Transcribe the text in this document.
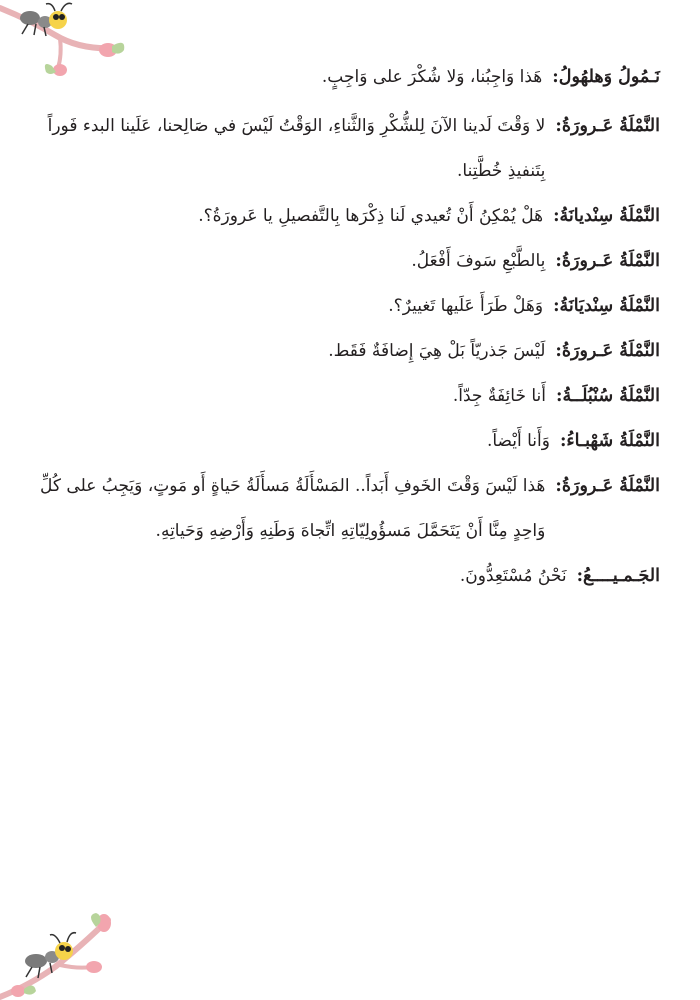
نَـمُولُ وَهلهُولُ:
هَذا وَاجِبُنا، وَلا شُكْرَ على وَاجِبٍ.
النَّمْلَةُ عَـرورَةُ:
لا وَقْتَ لَدينا الآنَ لِلشُّكْرِ وَالثَّناءِ، الوَقْتُ لَيْسَ في صَالِحنا، عَلَينا البدء فَوراً بِتَنفيذِ خُطَّتِنا.
النَّمْلَةُ سِنْديانَةُ:
هَلْ يُمْكِنُ أَنْ تُعيدي لَنا ذِكْرَها بِالتَّفصيلِ يا عَرورَةُ؟.
النَّمْلَةُ عَـرورَةُ:
بِالطَّبْعِ سَوفَ أَفْعَلُ.
النَّمْلَةُ سِنْديَانَةُ:
وَهَلْ طَرَأَ عَلَيها تَغييرٌ؟.
النَّمْلَةُ عَـرورَةُ:
لَيْسَ جَذريّاً بَلْ هِيَ إِضافَةٌ فَقَط.
النَّمْلَةُ سُنْبُلَــةُ:
أَنا خَائِفَةٌ جِدّاً.
النَّمْلَةُ شَهْبـاءُ:
وَأَنا أَيْضاً.
النَّمْلَةُ عَـرورَةُ:
هَذا لَيْسَ وَقْتَ الخَوفِ أَبَداً.. المَسْأَلَةُ مَسأَلَةُ حَياةٍ أَو مَوتٍ، وَيَجِبُ على كُلِّ وَاحِدٍ مِنَّا أَنْ يَتَحَمَّلَ مَسؤُولِيّاتِهِ اتِّجاهَ وَطَنِهِ وَأَرْضِهِ وَحَياتِهِ.
الجَـمـيــــعُ:
نَحْنُ مُسْتَعِدُّونَ.
